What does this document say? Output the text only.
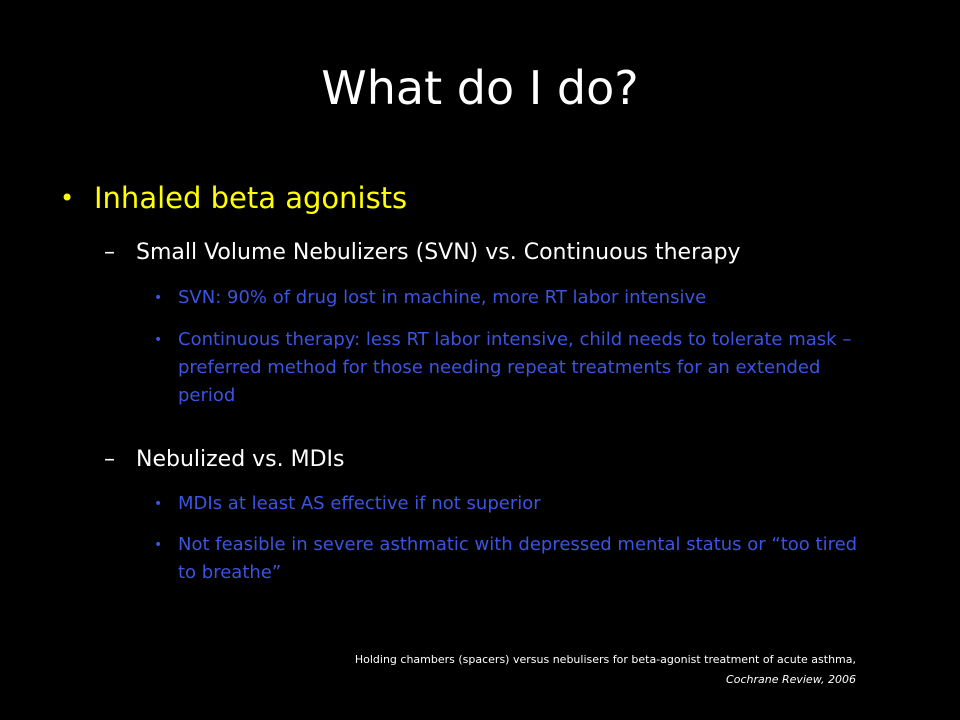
What do I do?
• Inhaled beta agonists
– Small Volume Nebulizers (SVN) vs. Continuous therapy
• SVN: 90% of drug lost in machine, more RT labor intensive
• Continuous therapy: less RT labor intensive, child needs to tolerate mask – preferred method for those needing repeat treatments for an extended period
– Nebulized vs. MDIs
• MDIs at least AS effective if not superior
• Not feasible in severe asthmatic with depressed mental status or “too tired to breathe”
Holding chambers (spacers) versus nebulisers for beta-agonist treatment of acute asthma,
Cochrane Review, 2006
